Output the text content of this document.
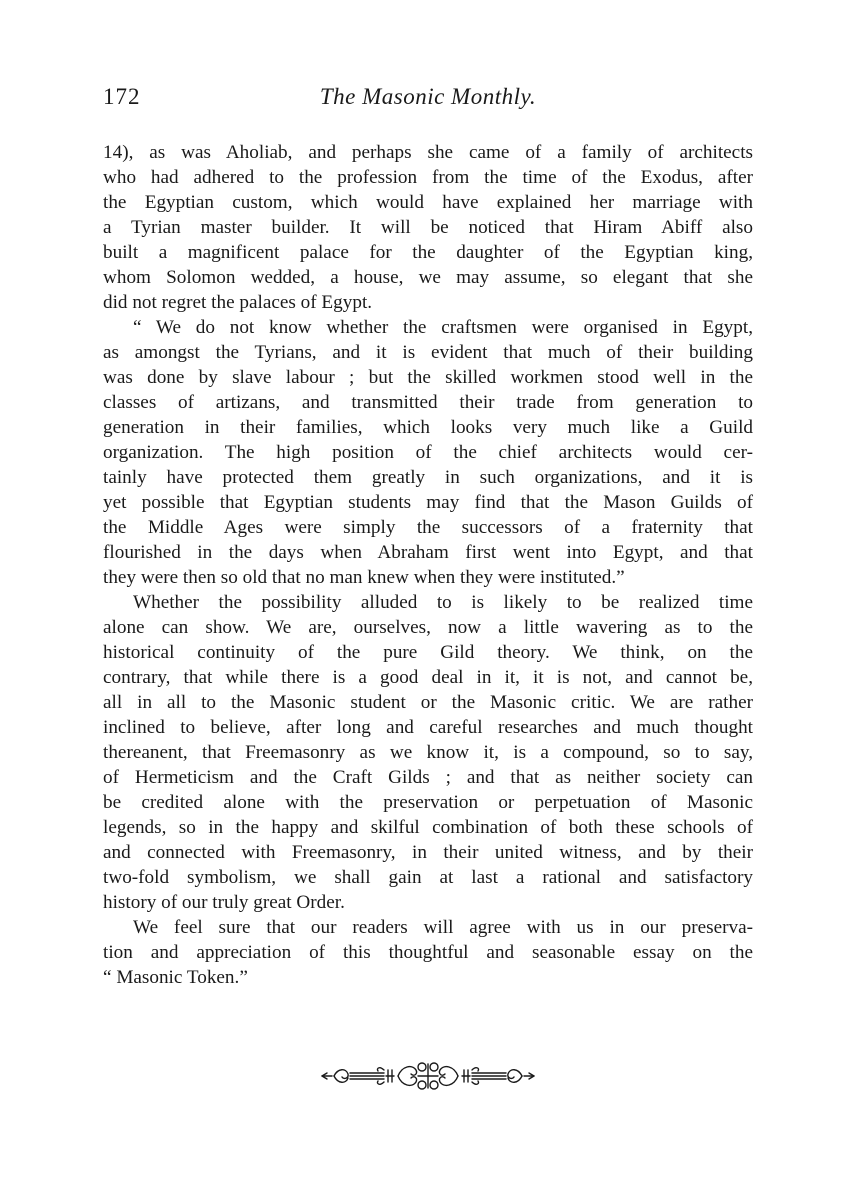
172	The Masonic Monthly.

14), as was Aholiab, and perhaps she came of a family of architects
who had adhered to the profession from the time of the Exodus, after
the Egyptian custom, which would have explained her marriage with
a Tyrian master builder. It will be noticed that Hiram Abiff also
built a magnificent palace for the daughter of the Egyptian king,
whom Solomon wedded, a house, we may assume, so elegant that she
did not regret the palaces of Egypt.

“ We do not know whether the craftsmen were organised in Egypt,
as amongst the Tyrians, and it is evident that much of their building
was done by slave labour ; but the skilled workmen stood well in the
classes of artizans, and transmitted their trade from generation to
generation in their families, which looks very much like a Guild
organization. The high position of the chief architects would cer-
tainly have protected them greatly in such organizations, and it is
yet possible that Egyptian students may find that the Mason Guilds of
the Middle Ages were simply the successors of a fraternity that
flourished in the days when Abraham first went into Egypt, and that
they were then so old that no man knew when they were instituted.”

Whether the possibility alluded to is likely to be realized time
alone can show. We are, ourselves, now a little wavering as to the
historical continuity of the pure Gild theory. We think, on the
contrary, that while there is a good deal in it, it is not, and cannot be,
all in all to the Masonic student or the Masonic critic. We are rather
inclined to believe, after long and careful researches and much thought
thereanent, that Freemasonry as we know it, is a compound, so to say,
of Hermeticism and the Craft Gilds ; and that as neither society can
be credited alone with the preservation or perpetuation of Masonic
legends, so in the happy and skilful combination of both these schools of
and connected with Freemasonry, in their united witness, and by their
two-fold symbolism, we shall gain at last a rational and satisfactory
history of our truly great Order.

We feel sure that our readers will agree with us in our preserva-
tion and appreciation of this thoughtful and seasonable essay on the
“ Masonic Token.”
